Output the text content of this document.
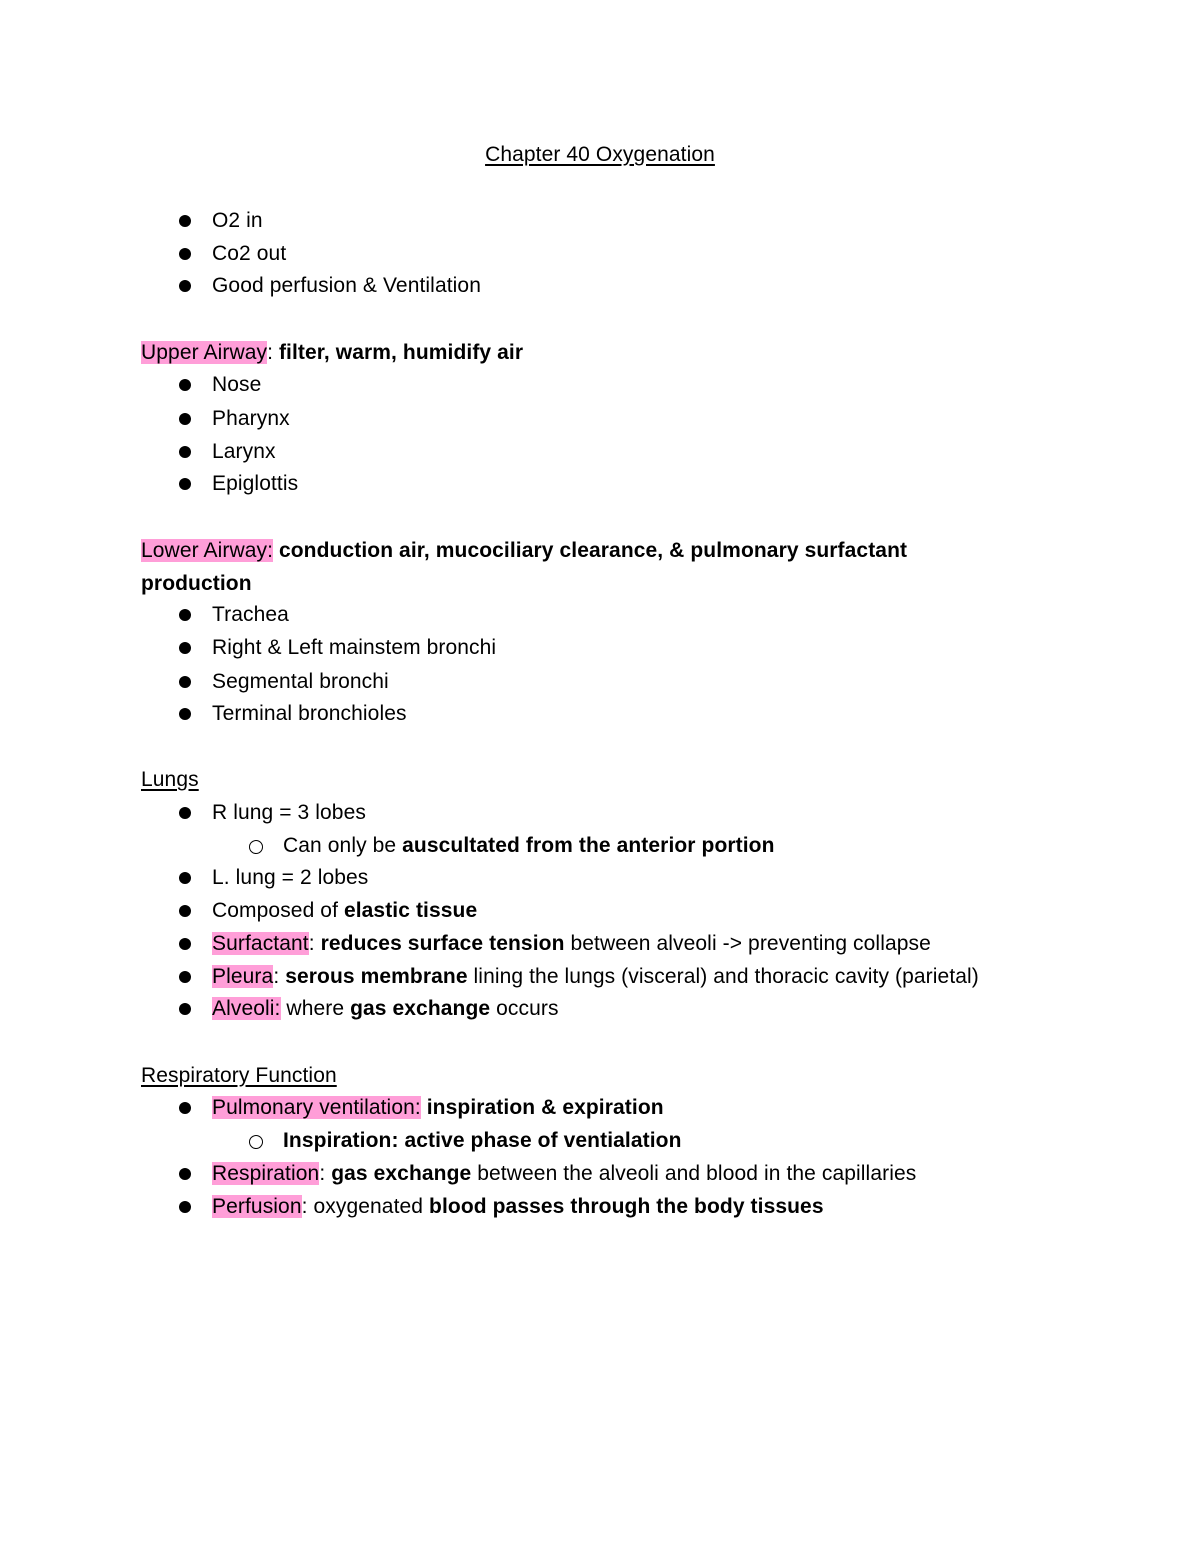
Chapter 40 Oxygenation
O2 in
Co2 out
Good perfusion & Ventilation
Upper Airway: filter, warm, humidify air
Nose
Pharynx
Larynx
Epiglottis
Lower Airway: conduction air, mucociliary clearance, & pulmonary surfactant production
Trachea
Right & Left mainstem bronchi
Segmental bronchi
Terminal bronchioles
Lungs
R lung = 3 lobes
Can only be auscultated from the anterior portion
L. lung = 2 lobes
Composed of elastic tissue
Surfactant: reduces surface tension between alveoli -> preventing collapse
Pleura: serous membrane lining the lungs (visceral) and thoracic cavity (parietal)
Alveoli: where gas exchange occurs
Respiratory Function
Pulmonary ventilation: inspiration & expiration
Inspiration: active phase of ventialation
Respiration: gas exchange between the alveoli and blood in the capillaries
Perfusion: oxygenated blood passes through the body tissues
